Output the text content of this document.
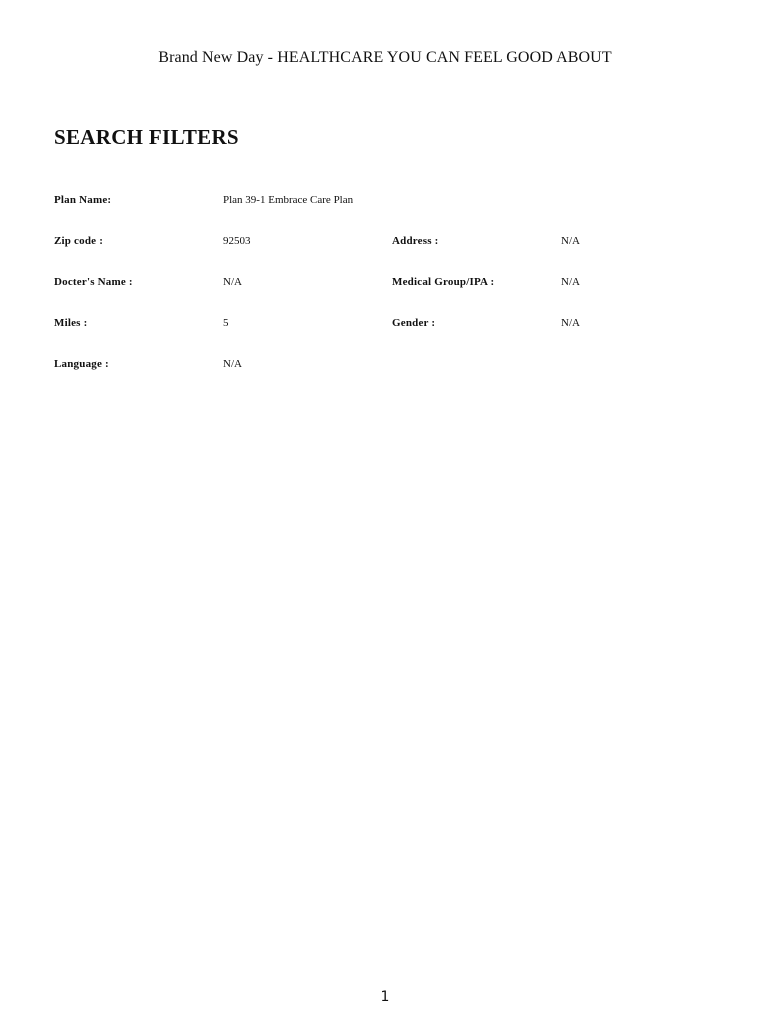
Brand New Day - HEALTHCARE YOU CAN FEEL GOOD ABOUT
SEARCH FILTERS
Plan Name:	Plan 39-1 Embrace Care Plan
Zip code :	92503	Address :	N/A
Docter's Name :	N/A	Medical Group/IPA :	N/A
Miles :	5	Gender :	N/A
Language :	N/A
1
